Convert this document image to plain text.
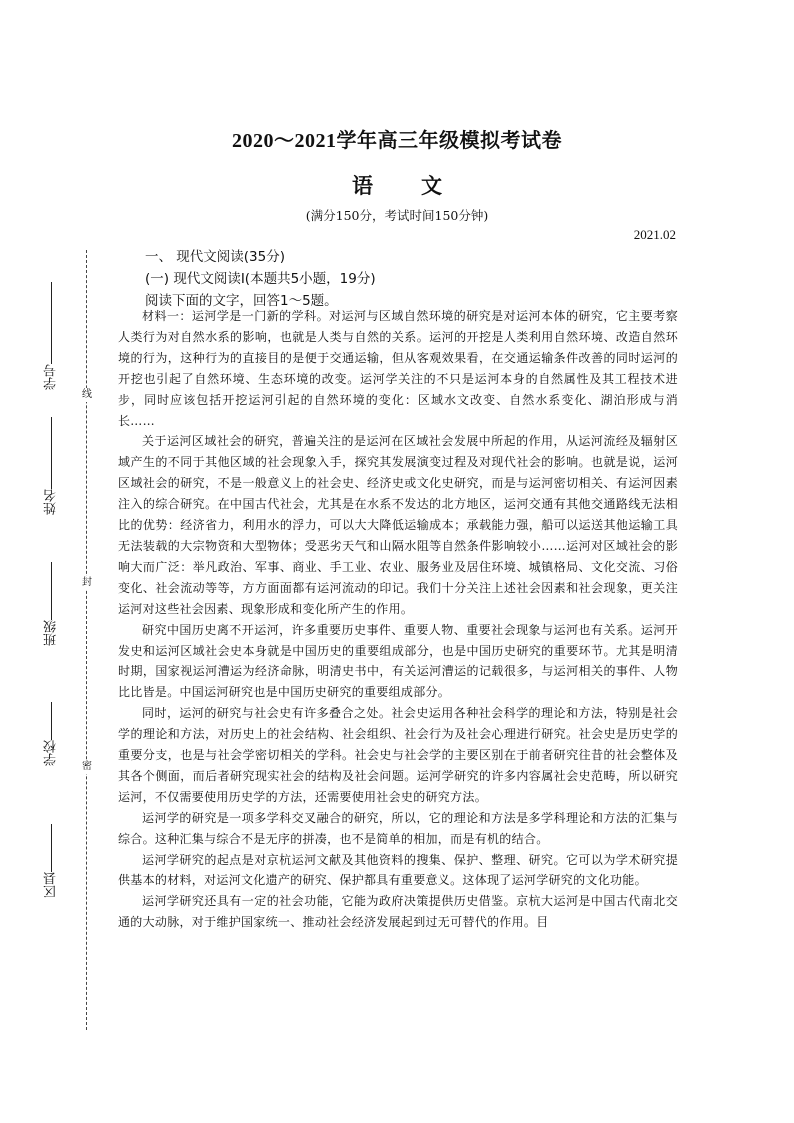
线
封
密
学号
姓名
班级
学校
区县
2020～2021学年高三年级模拟考试卷
语 文
(满分150分，考试时间150分钟)
2021.02
一、 现代文阅读(35分)
(一) 现代文阅读Ⅰ(本题共5小题，19分)
阅读下面的文字，回答1～5题。

材料一：运河学是一门新的学科。对运河与区域自然环境的研究是对运河本体的研究，它主要考察人类行为对自然水系的影响，也就是人类与自然的关系。运河的开挖是人类利用自然环境、改造自然环境的行为，这种行为的直接目的是便于交通运输，但从客观效果看，在交通运输条件改善的同时运河的开挖也引起了自然环境、生态环境的改变。运河学关注的不只是运河本身的自然属性及其工程技术进步，同时应该包括开挖运河引起的自然环境的变化：区域水文改变、自然水系变化、湖泊形成与消长……

关于运河区域社会的研究，普遍关注的是运河在区域社会发展中所起的作用，从运河流经及辐射区域产生的不同于其他区域的社会现象入手，探究其发展演变过程及对现代社会的影响。也就是说，运河区域社会的研究，不是一般意义上的社会史、经济史或文化史研究，而是与运河密切相关、有运河因素注入的综合研究。在中国古代社会，尤其是在水系不发达的北方地区，运河交通有其他交通路线无法相比的优势：经济省力，利用水的浮力，可以大大降低运输成本；承载能力强，船可以运送其他运输工具无法装载的大宗物资和大型物体；受恶劣天气和山隔水阻等自然条件影响较小……运河对区域社会的影响大而广泛：举凡政治、军事、商业、手工业、农业、服务业及居住环境、城镇格局、文化交流、习俗变化、社会流动等等，方方面面都有运河流动的印记。我们十分关注上述社会因素和社会现象，更关注运河对这些社会因素、现象形成和变化所产生的作用。

研究中国历史离不开运河，许多重要历史事件、重要人物、重要社会现象与运河也有关系。运河开发史和运河区域社会史本身就是中国历史的重要组成部分，也是中国历史研究的重要环节。尤其是明清时期，国家视运河漕运为经济命脉，明清史书中，有关运河漕运的记载很多，与运河相关的事件、人物比比皆是。中国运河研究也是中国历史研究的重要组成部分。

同时，运河的研究与社会史有许多叠合之处。社会史运用各种社会科学的理论和方法，特别是社会学的理论和方法，对历史上的社会结构、社会组织、社会行为及社会心理进行研究。社会史是历史学的重要分支，也是与社会学密切相关的学科。社会史与社会学的主要区别在于前者研究往昔的社会整体及其各个侧面，而后者研究现实社会的结构及社会问题。运河学研究的许多内容属社会史范畴，所以研究运河，不仅需要使用历史学的方法，还需要使用社会史的研究方法。

运河学的研究是一项多学科交叉融合的研究，所以，它的理论和方法是多学科理论和方法的汇集与综合。这种汇集与综合不是无序的拼凑，也不是简单的相加，而是有机的结合。

运河学研究的起点是对京杭运河文献及其他资料的搜集、保护、整理、研究。它可以为学术研究提供基本的材料，对运河文化遗产的研究、保护都具有重要意义。这体现了运河学研究的文化功能。

运河学研究还具有一定的社会功能，它能为政府决策提供历史借鉴。京杭大运河是中国古代南北交通的大动脉，对于维护国家统一、推动社会经济发展起到过无可替代的作用。目
